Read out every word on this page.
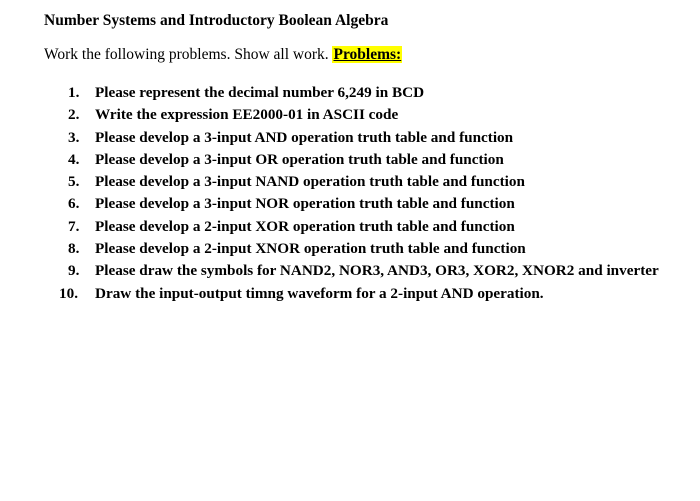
Number Systems and Introductory Boolean Algebra
Work the following problems. Show all work. Problems:
1.	Please represent the decimal number 6,249 in BCD
2.	Write the expression EE2000-01 in ASCII code
3.	Please develop a 3-input AND operation truth table and function
4.	Please develop a 3-input OR operation truth table and function
5.	Please develop a 3-input NAND operation truth table and function
6.	Please develop a 3-input NOR operation truth table and function
7.	Please develop a 2-input XOR operation truth table and function
8.	Please develop a 2-input XNOR operation truth table and function
9.	Please draw the symbols for NAND2, NOR3, AND3, OR3, XOR2, XNOR2 and inverter
10.	Draw the input-output timng waveform for a 2-input AND operation.
